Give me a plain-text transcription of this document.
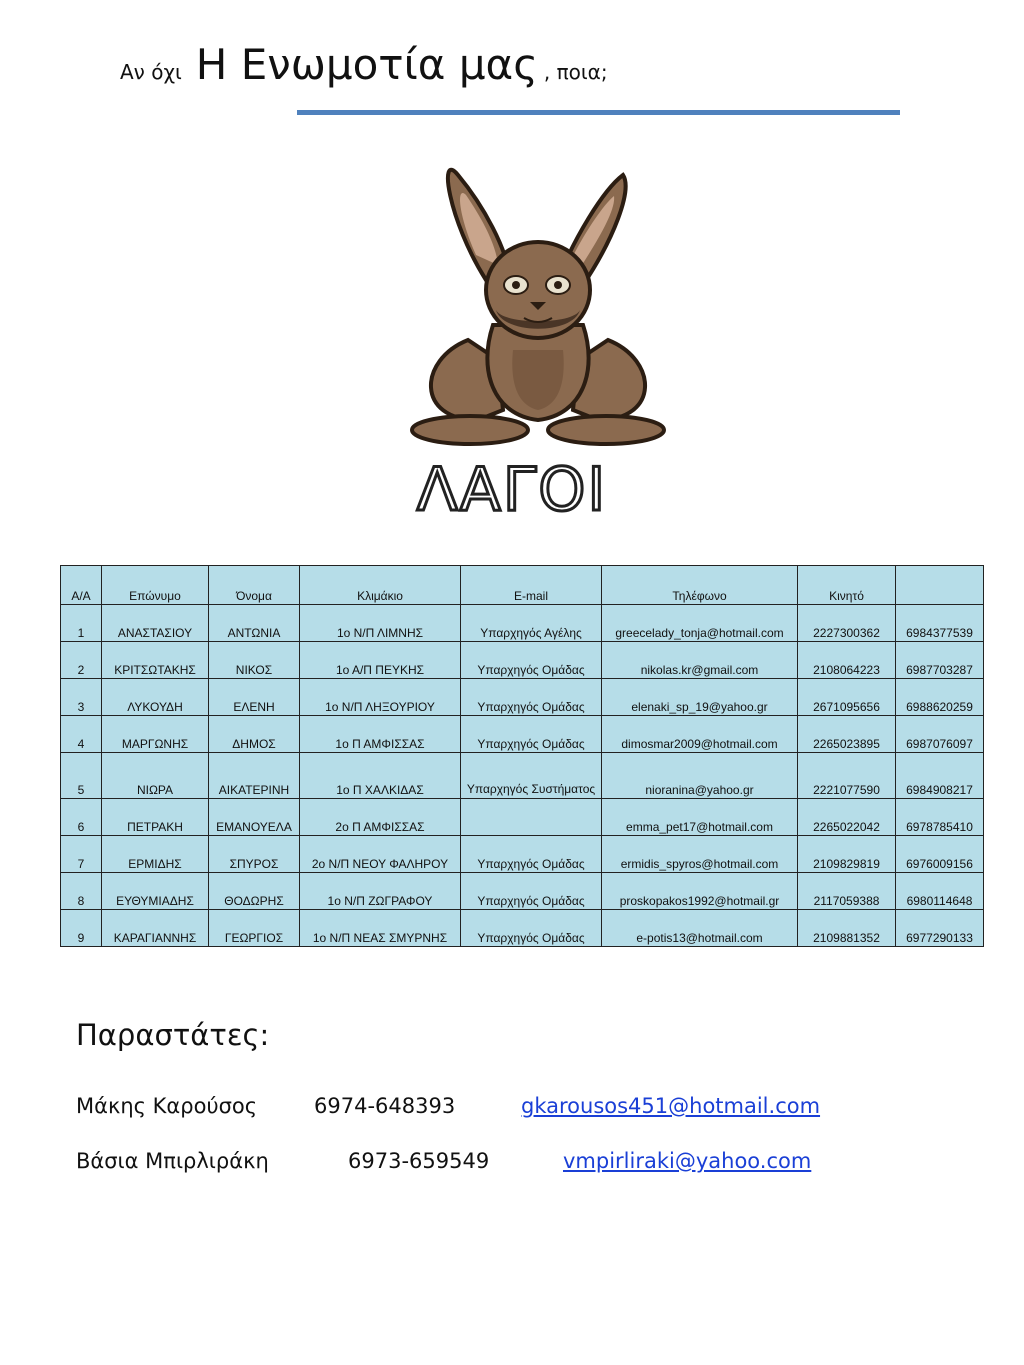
Αν όχι Η Ενωμοτία μας , ποια;
ΛΑΓΟΙ
Α/Α	Επώνυμο	Όνομα	Κλιμάκιο	E-mail	Τηλέφωνο	Κινητό	
1	ΑΝΑΣΤΑΣΙΟΥ	ΑΝΤΩΝΙΑ	1ο Ν/Π ΛΙΜΝΗΣ	Υπαρχηγός Αγέλης	greecelady_tonja@hotmail.com	2227300362	6984377539
2	ΚΡΙΤΣΩΤΑΚΗΣ	ΝΙΚΟΣ	1ο Α/Π ΠΕΥΚΗΣ	Υπαρχηγός Ομάδας	nikolas.kr@gmail.com	2108064223	6987703287
3	ΛΥΚΟΥΔΗ	ΕΛΕΝΗ	1ο Ν/Π ΛΗΞΟΥΡΙΟΥ	Υπαρχηγός Ομάδας	elenaki_sp_19@yahoo.gr	2671095656	6988620259
4	ΜΑΡΓΩΝΗΣ	ΔΗΜΟΣ	1ο Π ΑΜΦΙΣΣΑΣ	Υπαρχηγός Ομάδας	dimosmar2009@hotmail.com	2265023895	6987076097
5	ΝΙΩΡΑ	ΑΙΚΑΤΕΡΙΝΗ	1ο Π ΧΑΛΚΙΔΑΣ	Υπαρχηγός Συστήματος	nioranina@yahoo.gr	2221077590	6984908217
6	ΠΕΤΡΑΚΗ	ΕΜΑΝΟΥΕΛΑ	2ο Π ΑΜΦΙΣΣΑΣ		emma_pet17@hotmail.com	2265022042	6978785410
7	ΕΡΜΙΔΗΣ	ΣΠΥΡΟΣ	2ο Ν/Π ΝΕΟΥ ΦΑΛΗΡΟΥ	Υπαρχηγός Ομάδας	ermidis_spyros@hotmail.com	2109829819	6976009156
8	ΕΥΘΥΜΙΑΔΗΣ	ΘΟΔΩΡΗΣ	1ο Ν/Π ΖΩΓΡΑΦΟΥ	Υπαρχηγός Ομάδας	proskopakos1992@hotmail.gr	2117059388	6980114648
9	ΚΑΡΑΓΙΑΝΝΗΣ	ΓΕΩΡΓΙΟΣ	1ο Ν/Π ΝΕΑΣ ΣΜΥΡΝΗΣ	Υπαρχηγός Ομάδας	e-potis13@hotmail.com	2109881352	6977290133
Παραστάτες:
Μάκης Καρούσος	6974-648393	gkarousos451@hotmail.com
Βάσια Μπιρλιράκη	6973-659549	vmpirliraki@yahoo.com
